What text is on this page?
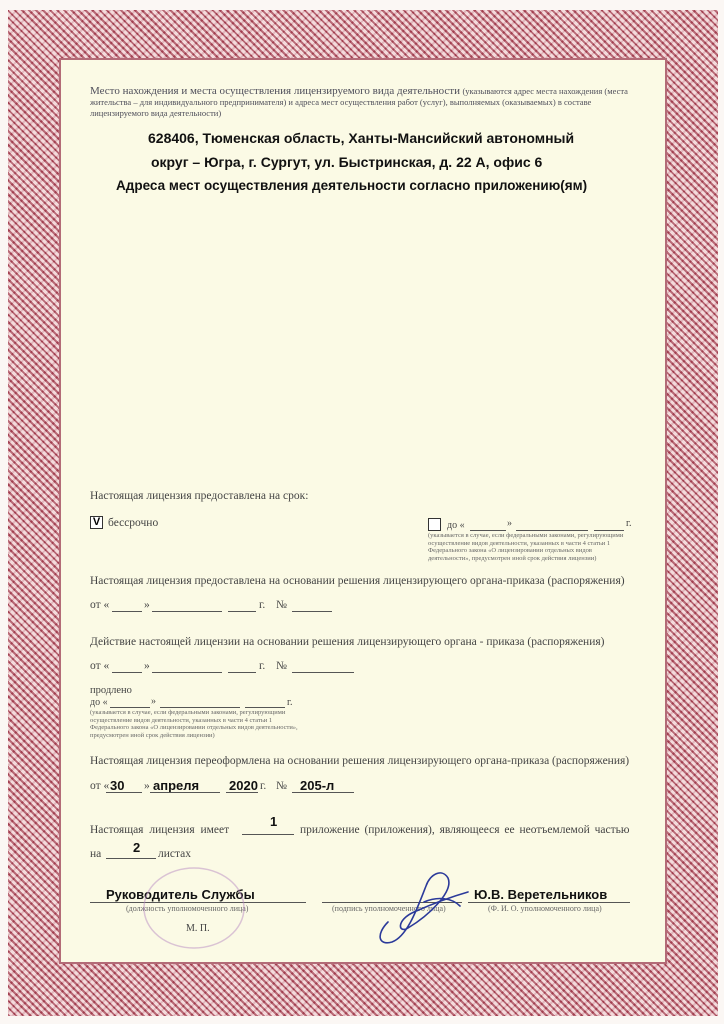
Место нахождения и места осуществления лицензируемого вида деятельности (указываются адрес места нахождения (места жительства – для индивидуального предпринимателя) и адреса мест осуществления работ (услуг), выполняемых (оказываемых) в составе лицензируемого вида деятельности)
628406, Тюменская область, Ханты-Мансийский автономный
округ – Югра, г. Сургут, ул. Быстринская, д. 22 А, офис 6
Адреса мест осуществления деятельности согласно приложению(ям)
Настоящая лицензия предоставлена на срок:
V бессрочно	до «	»	г.
(указывается в случае, если федеральными законами, регулирующими осуществление видов деятельности, указанных в части 4 статьи 1 Федерального закона «О лицензировании отдельных видов деятельности», предусмотрен иной срок действия лицензии)
Настоящая лицензия предоставлена на основании решения лицензирующего органа-приказа (распоряжения)
от «	»	г. №
Действие настоящей лицензии на основании решения лицензирующего органа - приказа (распоряжения)
от «	»	г. №
продлено
до «	»	г.
(указывается в случае, если федеральными законами, регулирующими осуществление видов деятельности, указанных в части 4 статьи 1 Федерального закона «О лицензировании отдельных видов деятельности», предусмотрен иной срок действия лицензии)
Настоящая лицензия переоформлена на основании решения лицензирующего органа-приказа (распоряжения)
от « 30 » апреля 2020 г. № 205-л
Настоящая лицензия имеет
1
приложение (приложения), являющееся ее неотъемлемой частью
на 2 листах
Руководитель Службы
(должность уполномоченного лица)	(подпись уполномоченного лица)
Ю.В. Веретельников
(Ф. И. О. уполномоченного лица)
М. П.
